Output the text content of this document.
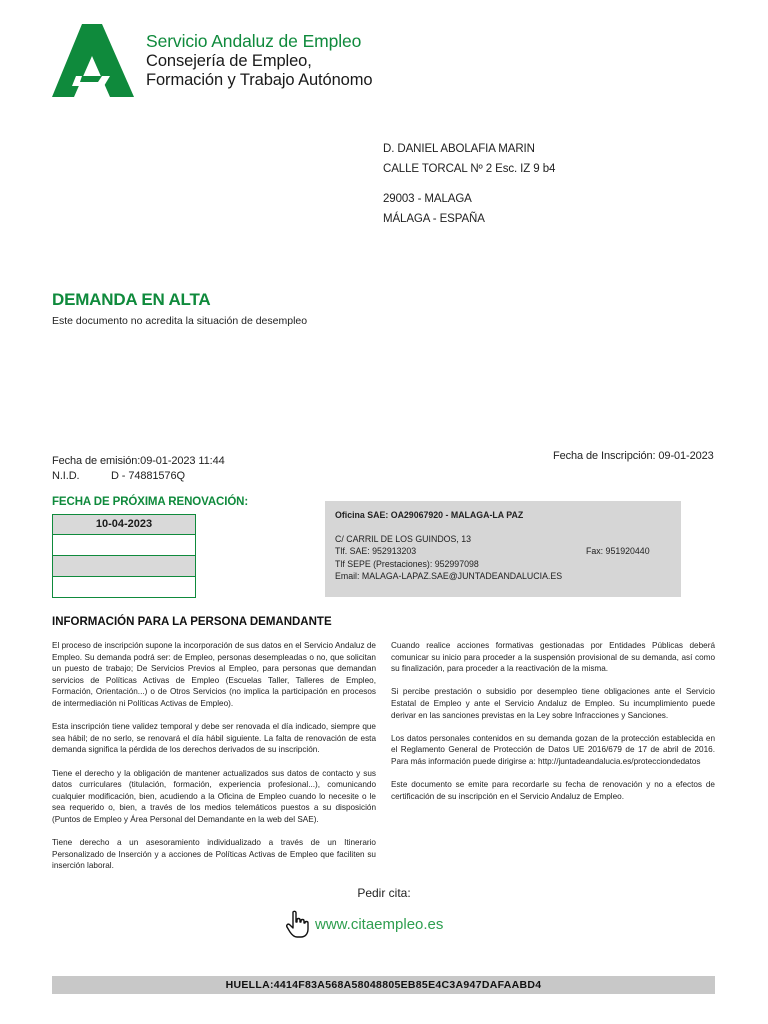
Servicio Andaluz de Empleo
Consejería de Empleo,
Formación y Trabajo Autónomo
D. DANIEL ABOLAFIA MARIN
CALLE TORCAL Nº 2 Esc. IZ 9 b4
29003 - MALAGA
MÁLAGA - ESPAÑA
DEMANDA EN ALTA
Este documento no acredita la situación de desempleo
Fecha de emisión:09-01-2023 11:44
N.I.D.	D - 74881576Q
Fecha de Inscripción: 09-01-2023
FECHA DE PRÓXIMA RENOVACIÓN:
10-04-2023
Oficina SAE: OA29067920 - MALAGA-LA PAZ
C/ CARRIL DE LOS GUINDOS, 13
Tlf. SAE: 952913203	Fax: 951920440
Tlf SEPE (Prestaciones): 952997098
Email: MALAGA-LAPAZ.SAE@JUNTADEANDALUCIA.ES
INFORMACIÓN PARA LA PERSONA DEMANDANTE

El proceso de inscripción supone la incorporación de sus datos en el Servicio Andaluz de Empleo. Su demanda podrá ser: de Empleo, personas desempleadas o no, que solicitan un puesto de trabajo; De Servicios Previos al Empleo, para personas que demandan servicios de Políticas Activas de Empleo (Escuelas Taller, Talleres de Empleo, Formación, Orientación...) o de Otros Servicios (no implica la participación en procesos de intermediación ni Políticas Activas de Empleo).

Esta inscripción tiene validez temporal y debe ser renovada el día indicado, siempre que sea hábil; de no serlo, se renovará el día hábil siguiente. La falta de renovación de esta demanda significa la pérdida de los derechos derivados de su inscripción.

Tiene el derecho y la obligación de mantener actualizados sus datos de contacto y sus datos curriculares (titulación, formación, experiencia profesional...), comunicando cualquier modificación, bien, acudiendo a la Oficina de Empleo cuando lo necesite o le sea requerido o, bien, a través de los medios telemáticos puestos a su disposición (Puntos de Empleo y Área Personal del Demandante en la web del SAE).

Tiene derecho a un asesoramiento individualizado a través de un Itinerario Personalizado de Inserción y a acciones de Políticas Activas de Empleo que faciliten su inserción laboral.

Cuando realice acciones formativas gestionadas por Entidades Públicas deberá comunicar su inicio para proceder a la suspensión provisional de su demanda, así como su finalización, para proceder a la reactivación de la misma.

Si percibe prestación o subsidio por desempleo tiene obligaciones ante el Servicio Estatal de Empleo y ante el Servicio Andaluz de Empleo. Su incumplimiento puede derivar en las sanciones previstas en la Ley sobre Infracciones y Sanciones.

Los datos personales contenidos en su demanda gozan de la protección establecida en el Reglamento General de Protección de Datos UE 2016/679 de 17 de abril de 2016. Para más información puede dirigirse a: http://juntadeandalucia.es/protecciondedatos

Este documento se emite para recordarle su fecha de renovación y no a efectos de certificación de su inscripción en el Servicio Andaluz de Empleo.

Pedir cita:
www.citaempleo.es
HUELLA:4414F83A568A58048805EB85E4C3A947DAFAABD4
